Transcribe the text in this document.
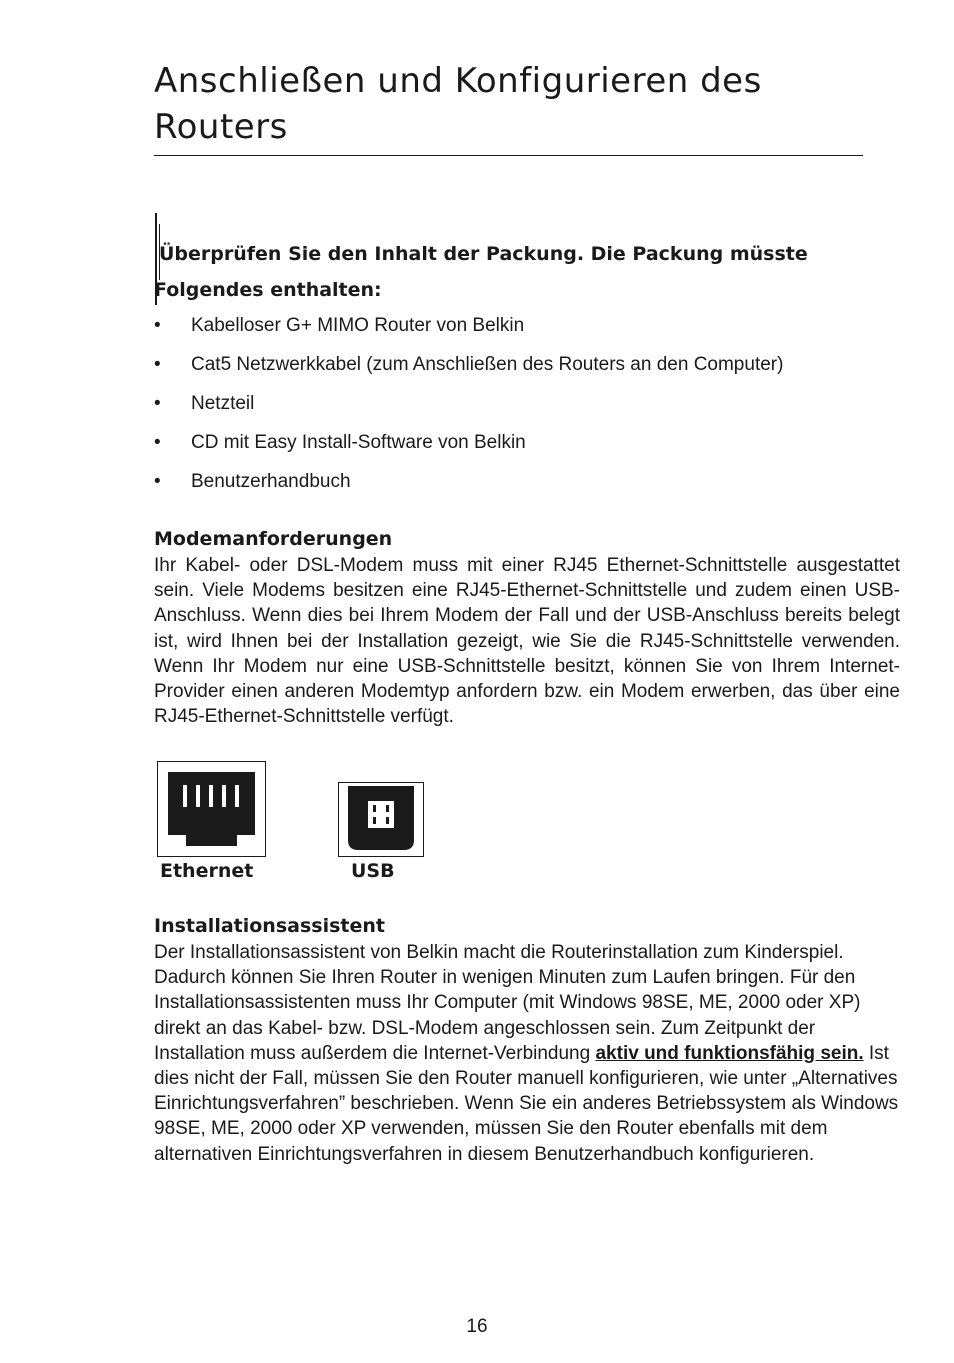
Anschließen und Konfigurieren des Routers

Überprüfen Sie den Inhalt der Packung. Die Packung müsste Folgendes enthalten:

• Kabelloser G+ MIMO Router von Belkin
• Cat5 Netzwerkkabel (zum Anschließen des Routers an den Computer)
• Netzteil
• CD mit Easy Install-Software von Belkin
• Benutzerhandbuch
Modemanforderungen

Ihr Kabel- oder DSL-Modem muss mit einer RJ45 Ethernet-Schnittstelle ausgestattet sein. Viele Modems besitzen eine RJ45-Ethernet-Schnittstelle und zudem einen USB-Anschluss. Wenn dies bei Ihrem Modem der Fall und der USB-Anschluss bereits belegt ist, wird Ihnen bei der Installation gezeigt, wie Sie die RJ45-Schnittstelle verwenden. Wenn Ihr Modem nur eine USB-Schnittstelle besitzt, können Sie von Ihrem Internet-Provider einen anderen Modemtyp anfordern bzw. ein Modem erwerben, das über eine RJ45-Ethernet-Schnittstelle verfügt.

Ethernet	USB
Installationsassistent

Der Installationsassistent von Belkin macht die Routerinstallation zum Kinderspiel. Dadurch können Sie Ihren Router in wenigen Minuten zum Laufen bringen. Für den Installationsassistenten muss Ihr Computer (mit Windows 98SE, ME, 2000 oder XP) direkt an das Kabel- bzw. DSL-Modem angeschlossen sein. Zum Zeitpunkt der Installation muss außerdem die Internet-Verbindung aktiv und funktionsfähig sein. Ist dies nicht der Fall, müssen Sie den Router manuell konfigurieren, wie unter „Alternatives Einrichtungsverfahren” beschrieben. Wenn Sie ein anderes Betriebssystem als Windows 98SE, ME, 2000 oder XP verwenden, müssen Sie den Router ebenfalls mit dem alternativen Einrichtungsverfahren in diesem Benutzerhandbuch konfigurieren.

16
